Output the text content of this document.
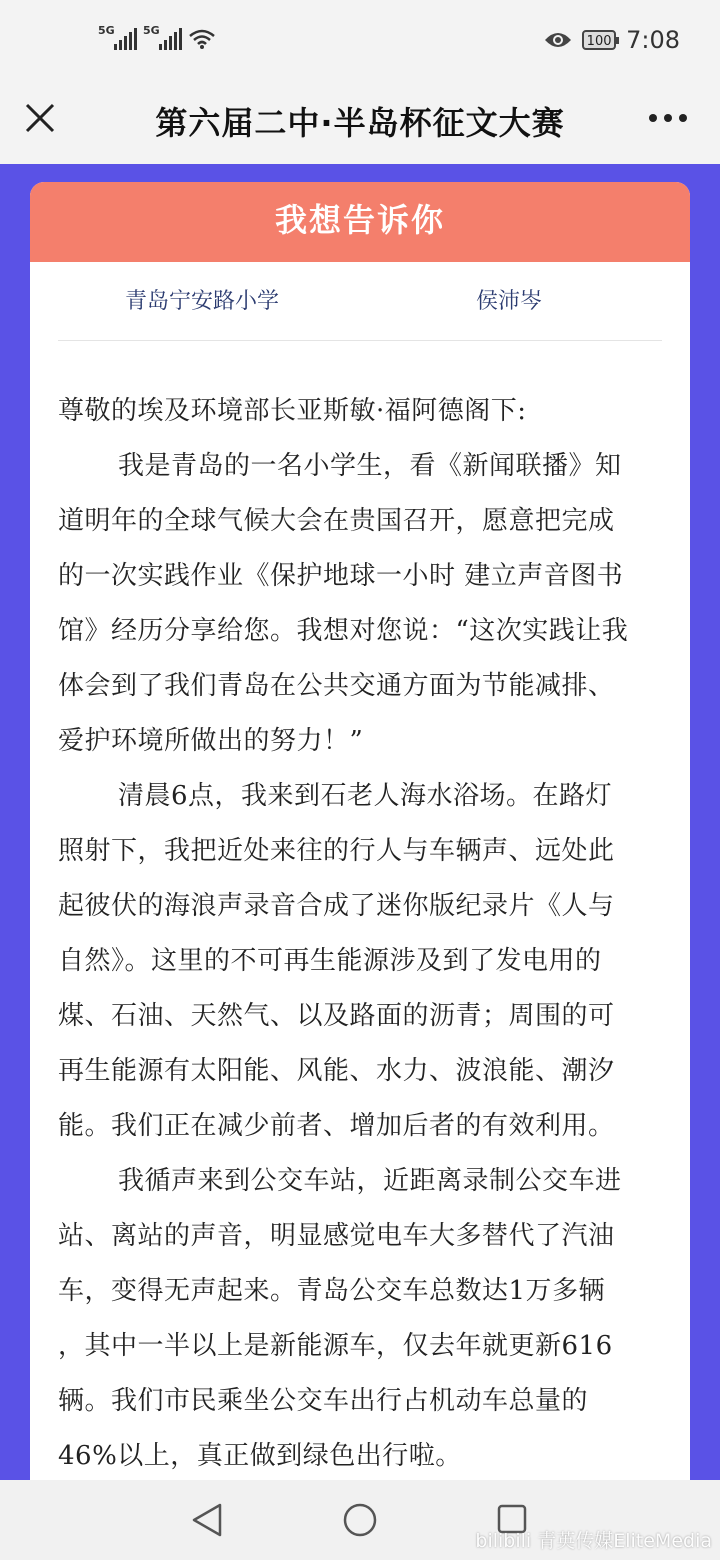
5G	5G
100 7:08
第六届二中·半岛杯征文大赛
我想告诉你
青岛宁安路小学	侯沛岑
尊敬的埃及环境部长亚斯敏·福阿德阁下:
我是青岛的一名小学生，看《新闻联播》知
道明年的全球气候大会在贵国召开，愿意把完成
的一次实践作业《保护地球一小时 建立声音图书
馆》经历分享给您。我想对您说：“这次实践让我
体会到了我们青岛在公共交通方面为节能减排、
爱护环境所做出的努力！”
清晨6点，我来到石老人海水浴场。在路灯
照射下，我把近处来往的行人与车辆声、远处此
起彼伏的海浪声录音合成了迷你版纪录片《人与
自然》。这里的不可再生能源涉及到了发电用的
煤、石油、天然气、以及路面的沥青；周围的可
再生能源有太阳能、风能、水力、波浪能、潮汐
能。我们正在减少前者、增加后者的有效利用。
我循声来到公交车站，近距离录制公交车进
站、离站的声音，明显感觉电车大多替代了汽油
车，变得无声起来。青岛公交车总数达1万多辆
，其中一半以上是新能源车，仅去年就更新616
辆。我们市民乘坐公交车出行占机动车总量的
46%以上，真正做到绿色出行啦。
bilibili 青英传媒EliteMedia
